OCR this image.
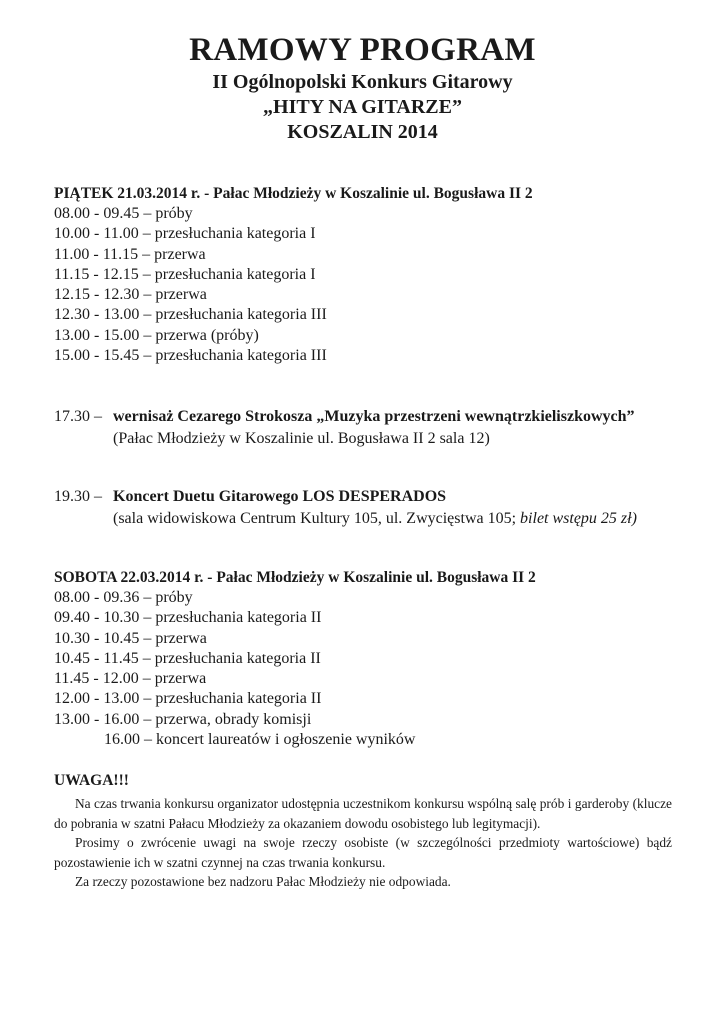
RAMOWY PROGRAM
II Ogólnopolski Konkurs Gitarowy
„HITY NA GITARZE”
KOSZALIN 2014
PIĄTEK 21.03.2014 r. - Pałac Młodzieży w Koszalinie ul. Bogusława II 2
08.00 - 09.45 – próby
10.00 - 11.00 – przesłuchania kategoria I
11.00 - 11.15 – przerwa
11.15 - 12.15 – przesłuchania kategoria I
12.15 - 12.30 – przerwa
12.30 - 13.00 – przesłuchania kategoria III
13.00 - 15.00 – przerwa (próby)
15.00 - 15.45 – przesłuchania kategoria III
17.30 – wernisaż Cezarego Strokosza „Muzyka przestrzeni wewnątrzkieliszkowych”
(Pałac Młodzieży w Koszalinie ul. Bogusława II 2 sala 12)
19.30 – Koncert Duetu Gitarowego LOS DESPERADOS
(sala widowiskowa Centrum Kultury 105, ul. Zwycięstwa 105; bilet wstępu 25 zł)
SOBOTA 22.03.2014 r. - Pałac Młodzieży w Koszalinie ul. Bogusława II 2
08.00 - 09.36 – próby
09.40 - 10.30 – przesłuchania kategoria II
10.30 - 10.45 – przerwa
10.45 - 11.45 – przesłuchania kategoria II
11.45 - 12.00 – przerwa
12.00 - 13.00 – przesłuchania kategoria II
13.00 - 16.00 – przerwa, obrady komisji
16.00 – koncert laureatów i ogłoszenie wyników
UWAGA!!!

Na czas trwania konkursu organizator udostępnia uczestnikom konkursu wspólną salę prób i garderoby (klucze do pobrania w szatni Pałacu Młodzieży za okazaniem dowodu osobistego lub legitymacji).

Prosimy o zwrócenie uwagi na swoje rzeczy osobiste (w szczególności przedmioty wartościowe) bądź pozostawienie ich w szatni czynnej na czas trwania konkursu.

Za rzeczy pozostawione bez nadzoru Pałac Młodzieży nie odpowiada.
